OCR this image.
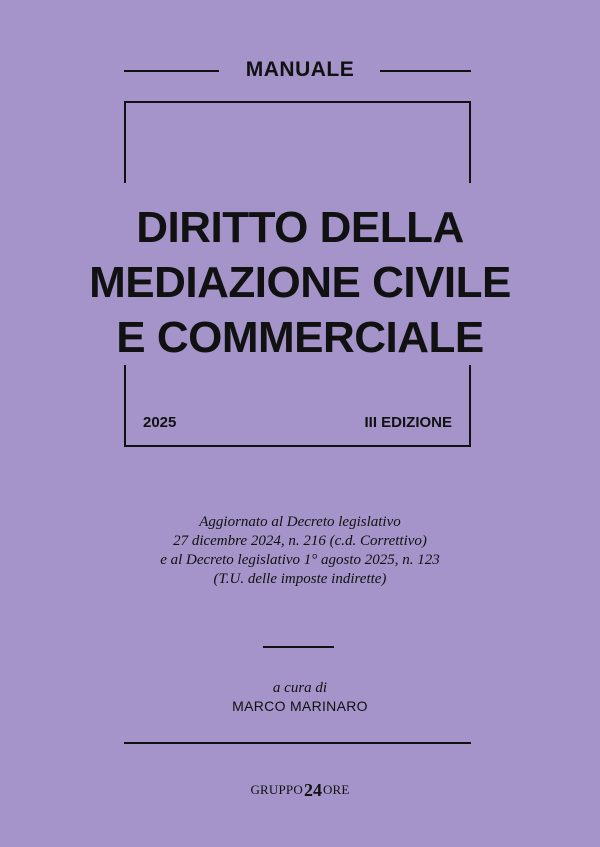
MANUALE
DIRITTO DELLA
MEDIAZIONE CIVILE
E COMMERCIALE
2025	III EDIZIONE
Aggiornato al Decreto legislativo
27 dicembre 2024, n. 216 (c.d. Correttivo)
e al Decreto legislativo 1° agosto 2025, n. 123
(T.U. delle imposte indirette)
a cura di
MARCO MARINARO
GRUPPO24ORE
